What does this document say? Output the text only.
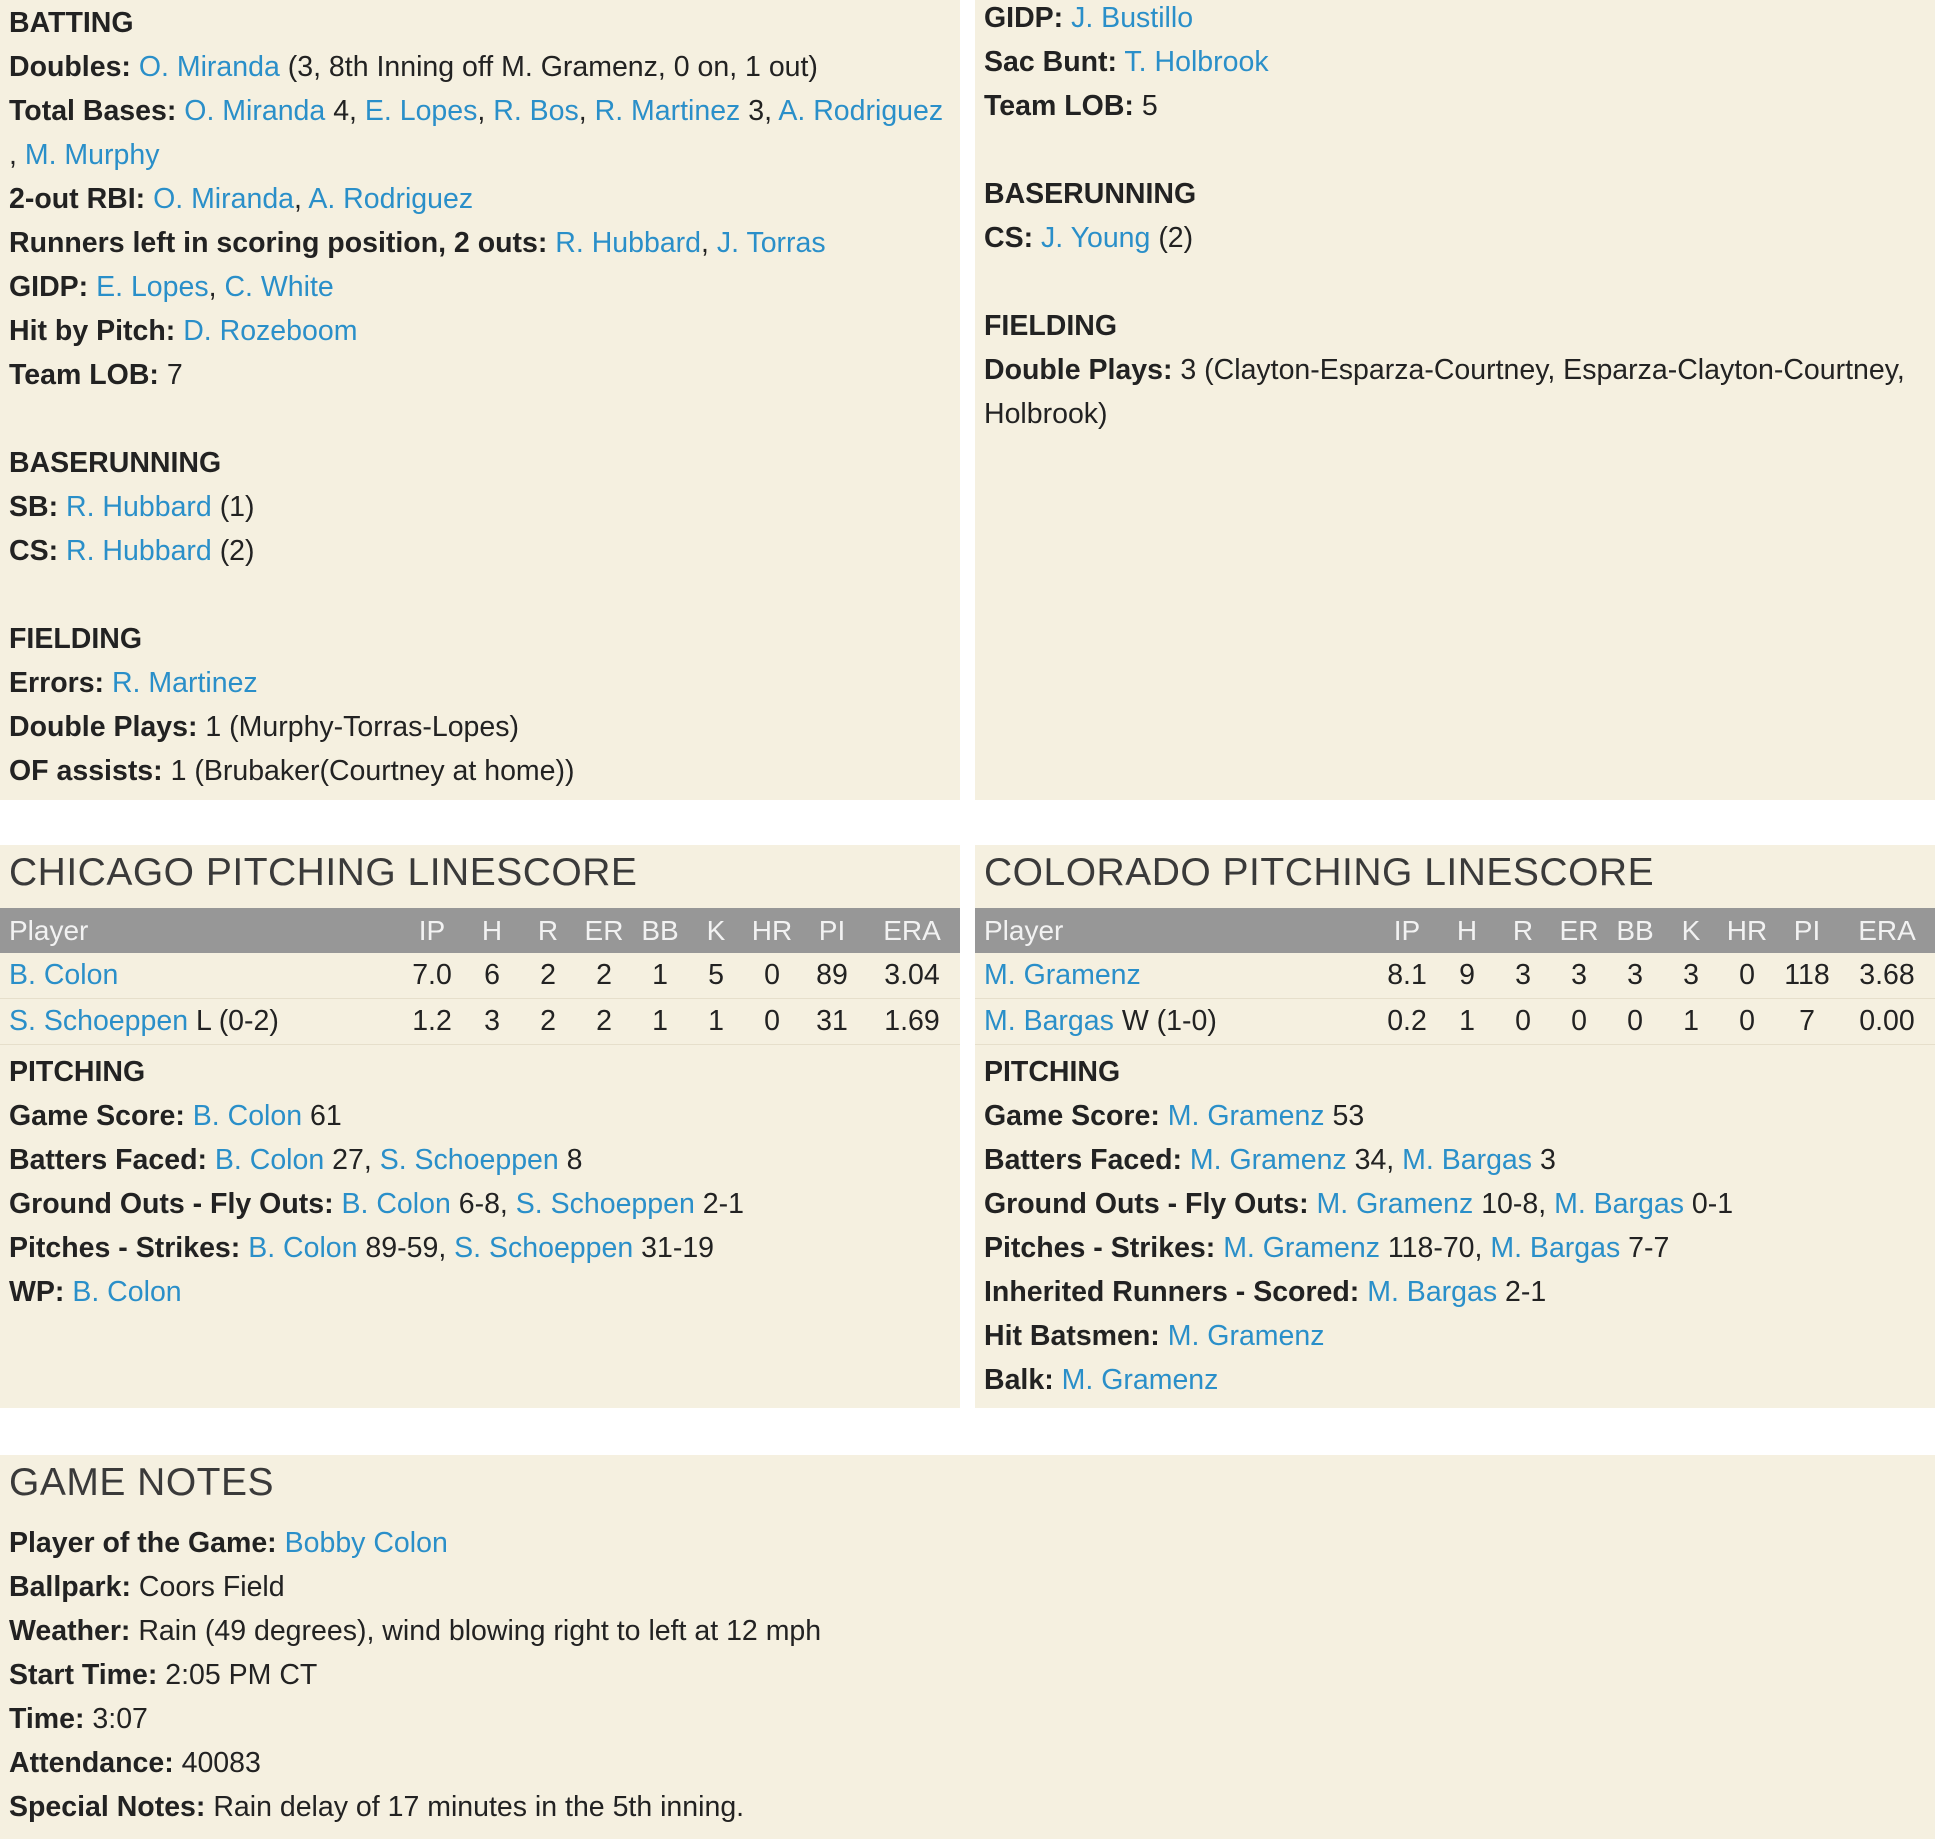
BATTING
Doubles: O. Miranda (3, 8th Inning off M. Gramenz, 0 on, 1 out)
Total Bases: O. Miranda 4, E. Lopes, R. Bos, R. Martinez 3, A. Rodriguez
, M. Murphy
2-out RBI: O. Miranda, A. Rodriguez
Runners left in scoring position, 2 outs: R. Hubbard, J. Torras
GIDP: E. Lopes, C. White
Hit by Pitch: D. Rozeboom
Team LOB: 7
BASERUNNING
SB: R. Hubbard (1)
CS: R. Hubbard (2)
FIELDING
Errors: R. Martinez
Double Plays: 1 (Murphy-Torras-Lopes)
OF assists: 1 (Brubaker(Courtney at home))
GIDP: J. Bustillo
Sac Bunt: T. Holbrook
Team LOB: 5
BASERUNNING
CS: J. Young (2)
FIELDING
Double Plays: 3 (Clayton-Esparza-Courtney, Esparza-Clayton-Courtney,
Holbrook)
CHICAGO PITCHING LINESCORE
Player	IP	H	R	ER	BB	K	HR	PI	ERA
B. Colon	7.0	6	2	2	1	5	0	89	3.04
S. Schoeppen L (0-2)	1.2	3	2	2	1	1	0	31	1.69
PITCHING
Game Score: B. Colon 61
Batters Faced: B. Colon 27, S. Schoeppen 8
Ground Outs - Fly Outs: B. Colon 6-8, S. Schoeppen 2-1
Pitches - Strikes: B. Colon 89-59, S. Schoeppen 31-19
WP: B. Colon
COLORADO PITCHING LINESCORE
Player	IP	H	R	ER	BB	K	HR	PI	ERA
M. Gramenz	8.1	9	3	3	3	3	0	118	3.68
M. Bargas W (1-0)	0.2	1	0	0	0	1	0	7	0.00
PITCHING
Game Score: M. Gramenz 53
Batters Faced: M. Gramenz 34, M. Bargas 3
Ground Outs - Fly Outs: M. Gramenz 10-8, M. Bargas 0-1
Pitches - Strikes: M. Gramenz 118-70, M. Bargas 7-7
Inherited Runners - Scored: M. Bargas 2-1
Hit Batsmen: M. Gramenz
Balk: M. Gramenz
GAME NOTES
Player of the Game: Bobby Colon
Ballpark: Coors Field
Weather: Rain (49 degrees), wind blowing right to left at 12 mph
Start Time: 2:05 PM CT
Time: 3:07
Attendance: 40083
Special Notes: Rain delay of 17 minutes in the 5th inning.
